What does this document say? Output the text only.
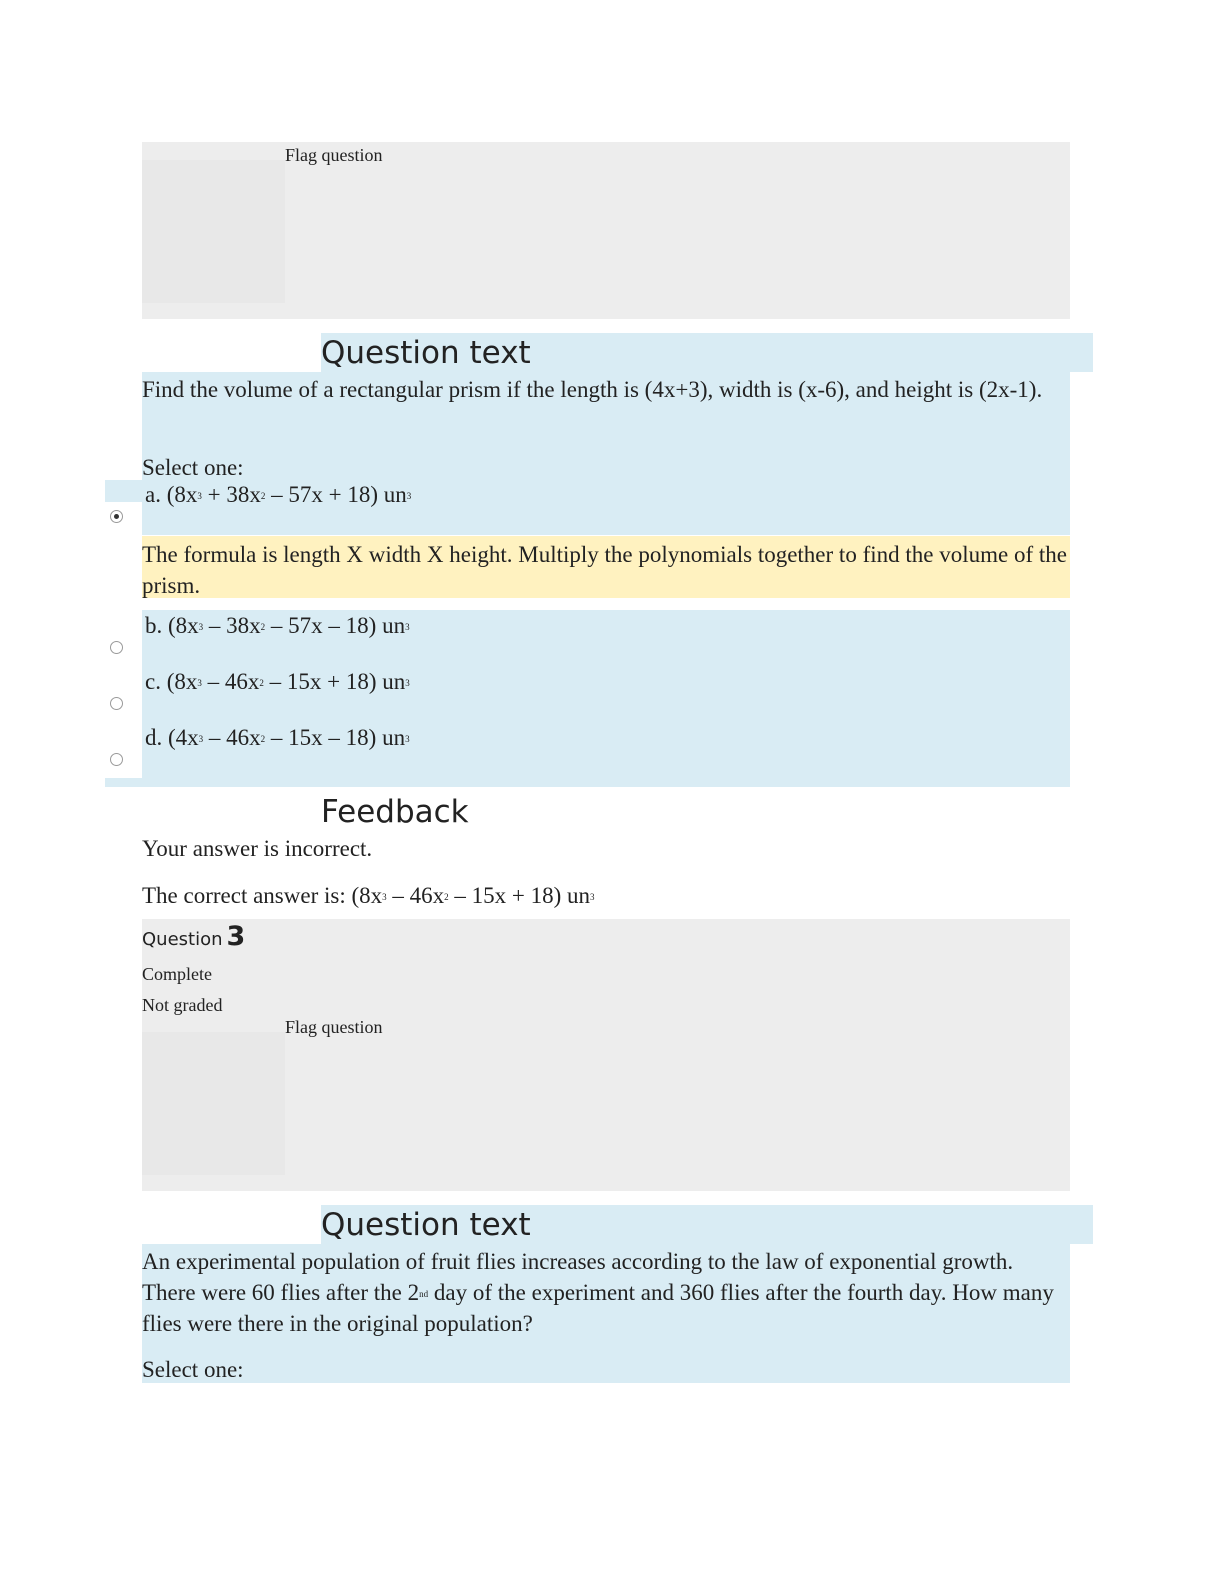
Flag question
Question text
Find the volume of a rectangular prism if the length is (4x+3), width is (x-6), and height is (2x-1).
Select one:
a. $(8x^3 + 38x^2 - 57x + 18)$ $un^3$
The formula is length X width X height. Multiply the polynomials together to find the volume of the prism.
b. $(8x^3 - 38x^2 - 57x - 18)$ $un^3$
c. $(8x^3 - 46x^2 - 15x + 18)$ $un^3$
d. $(4x^3 - 46x^2 - 15x - 18)$ $un^3$
Feedback
Your answer is incorrect.
The correct answer is: $(8x^3 - 46x^2 - 15x + 18)$ $un^3$
Question 3
Complete
Not graded
Flag question
Question text
An experimental population of fruit flies increases according to the law of exponential growth. There were 60 flies after the 2nd day of the experiment and 360 flies after the fourth day. How many flies were there in the original population?
Select one:
